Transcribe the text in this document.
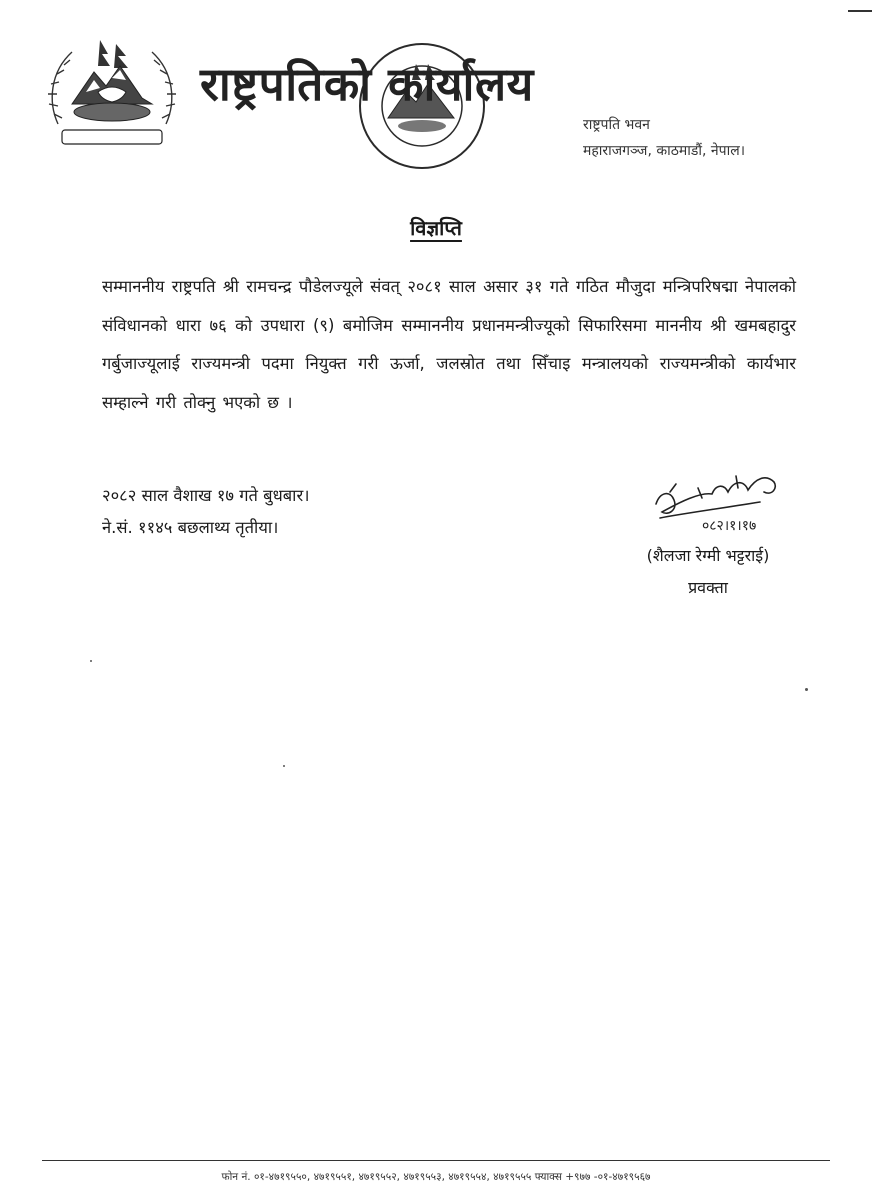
राष्ट्रपतिको कार्यालय
राष्ट्रपति भवन
महाराजगञ्ज, काठमाडौं, नेपाल।
विज्ञप्ति

सम्माननीय राष्ट्रपति श्री रामचन्द्र पौडेलज्यूले संवत् २०८१ साल असार ३१ गते गठित मौजुदा मन्त्रिपरिषद्मा नेपालको संविधानको धारा ७६ को उपधारा (९) बमोजिम सम्माननीय प्रधानमन्त्रीज्यूको सिफारिसमा माननीय श्री खमबहादुर गर्बुजाज्यूलाई राज्यमन्त्री पदमा नियुक्त गरी ऊर्जा, जलस्रोत तथा सिँचाइ मन्त्रालयको राज्यमन्त्रीको कार्यभार सम्हाल्ने गरी तोक्नु भएको छ ।

२०८२ साल वैशाख १७ गते बुधबार।
ने.सं. ११४५ बछलाथ्य तृतीया।	०८२।१।१७
(शैलजा रेग्मी भट्टराई)
प्रवक्ता
फोन नं. ०१-४७१९५५०, ४७१९५५१, ४७१९५५२, ४७१९५५३, ४७१९५५४, ४७१९५५५ फ्याक्स +९७७ -०१-४७१९५६७
